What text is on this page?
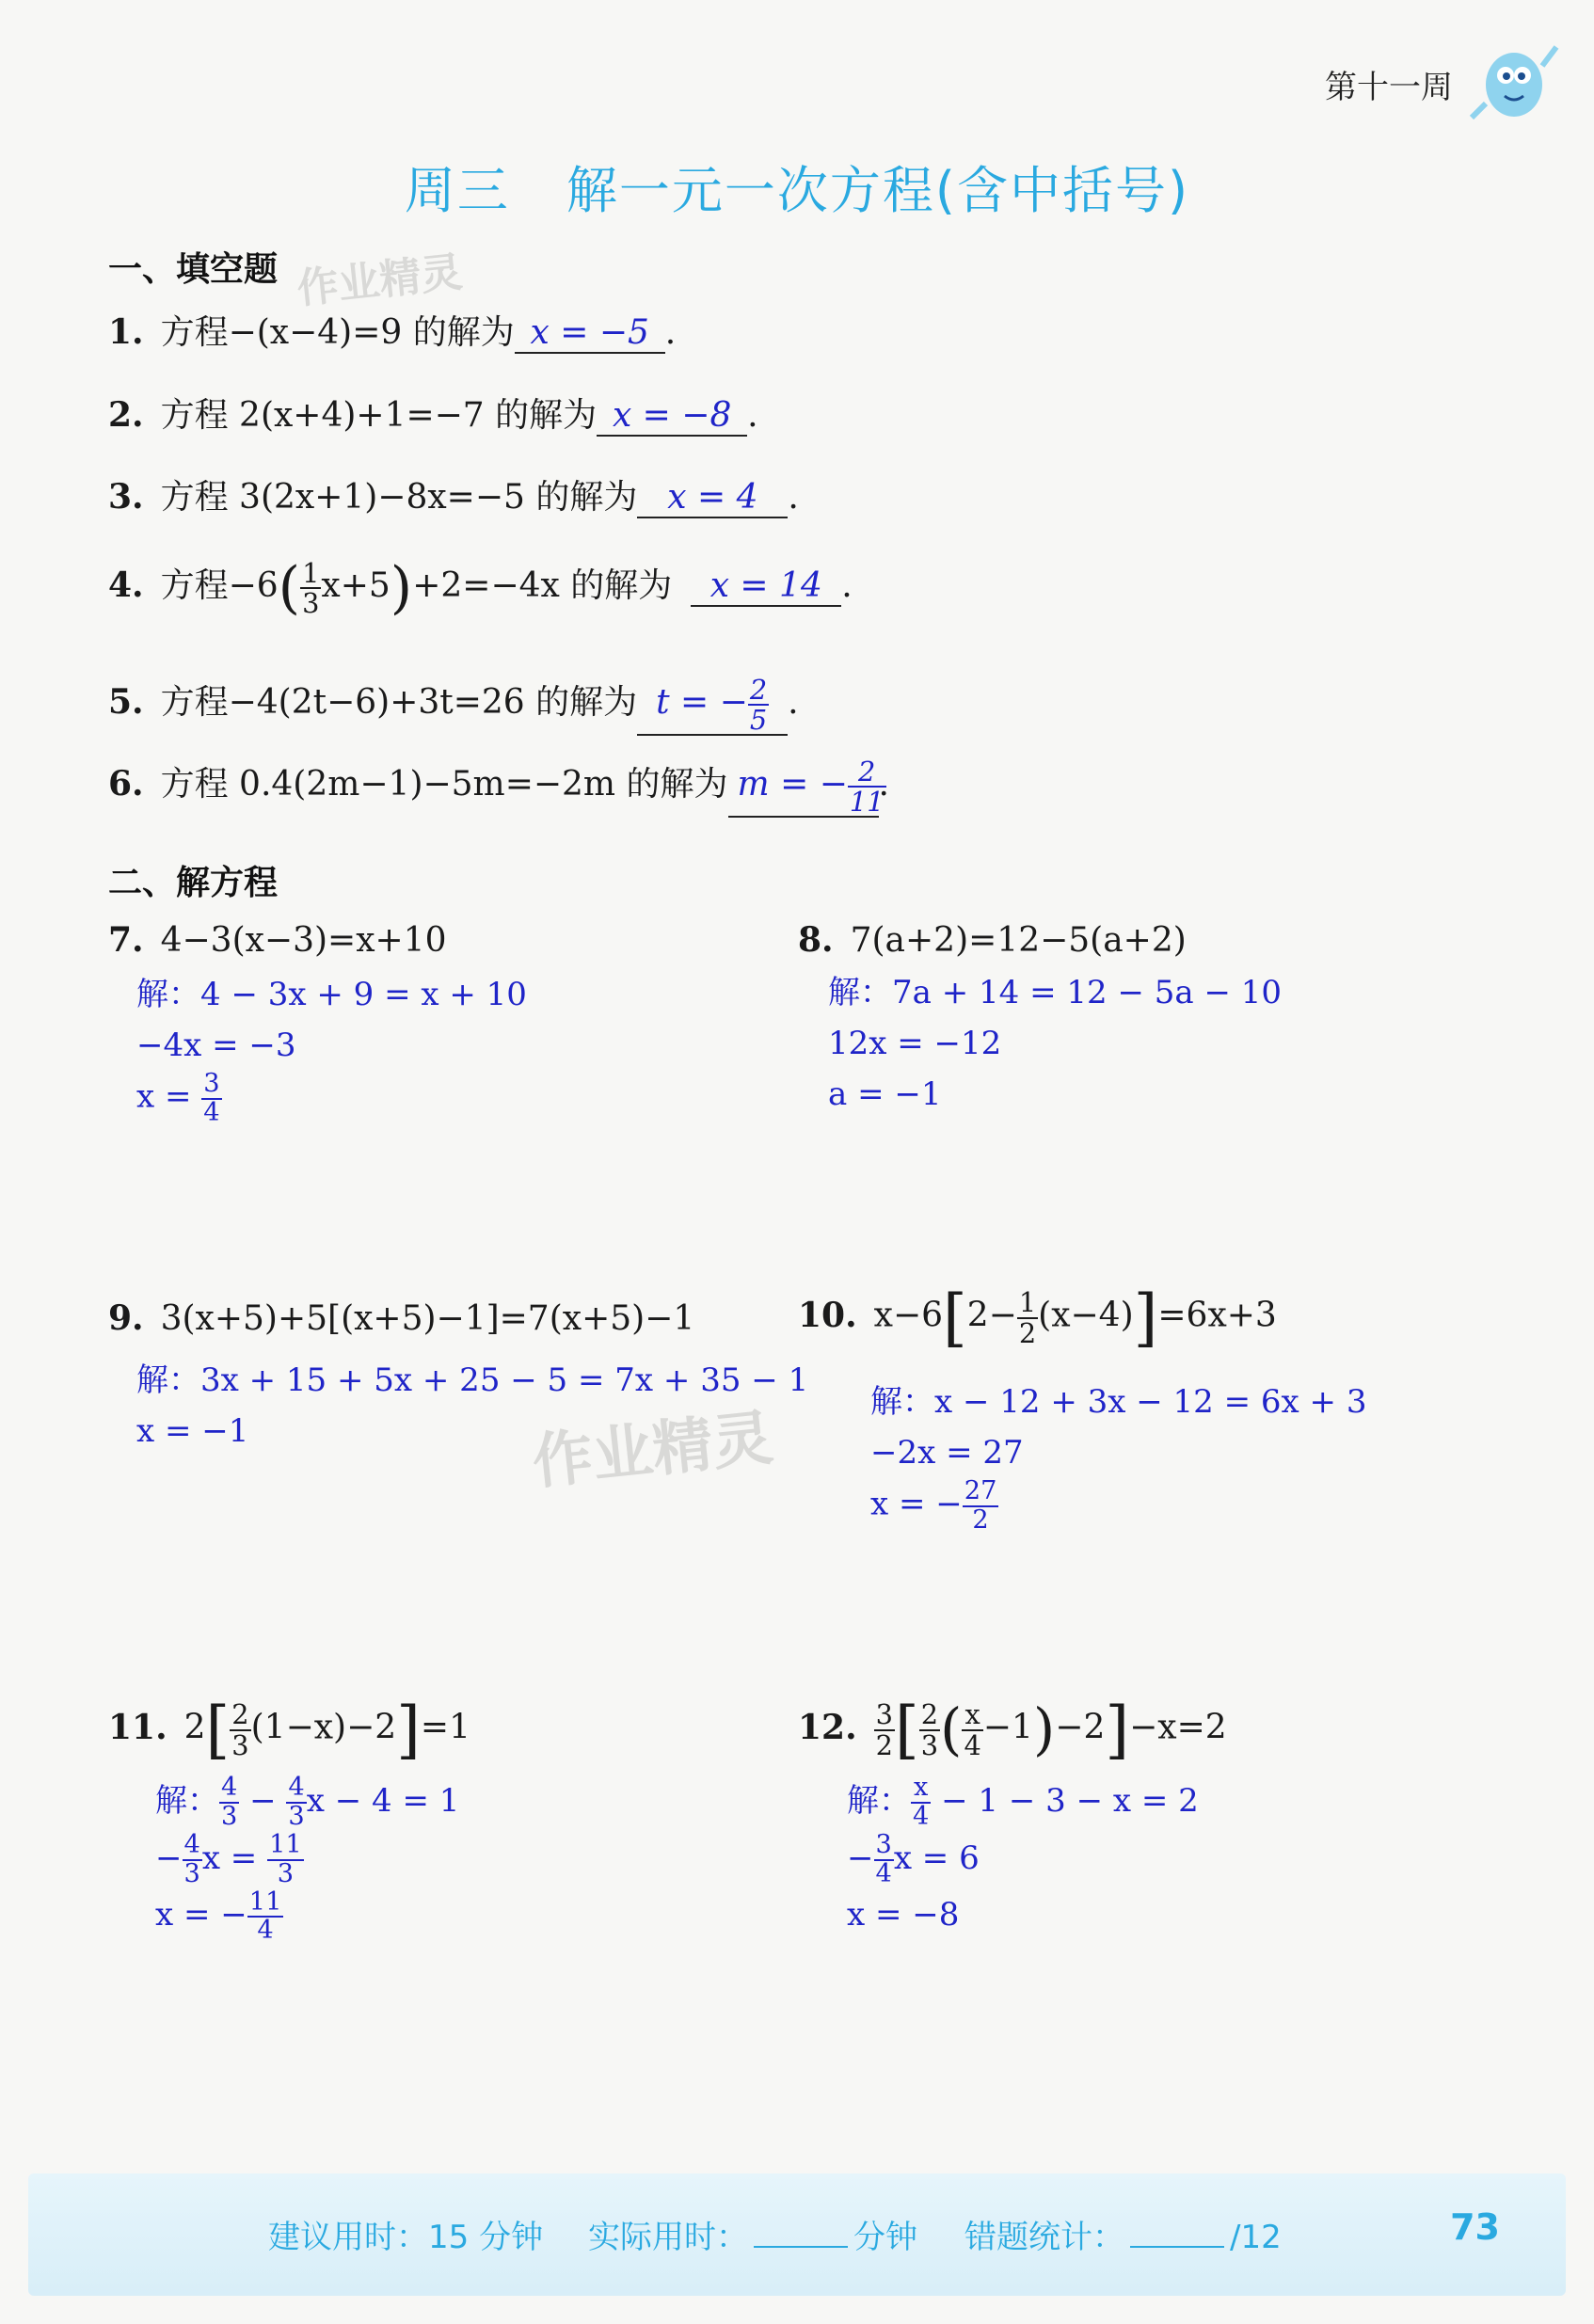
第十一周
周三 解一元一次方程(含中括号)
一、填空题 作业精灵
1. 方程−(x−4)=9 的解为 x = −5 .
2. 方程 2(x+4)+1=−7 的解为 x = −8 .
3. 方程 3(2x+1)−8x=−5 的解为 x = 4 .
4. 方程$-6( \frac{1}{3} x+5)+2=-4x$ 的解为 x = 14 .
5. 方程−4(2t−6)+3t=26 的解为 t = − $\frac{2}{5}$ .
6. 方程 0.4(2m−1)−5m=−2m 的解为 m = − $\frac{2}{11}$
.
二、解方程
7. 4−3(x−3)=x+10
解：4 − 3x + 9 = x + 10
−4x = −3
$x = \frac{3}{4}$
8. 7(a+2)=12−5(a+2)
解：7a + 14 = 12 − 5a − 10
12x = −12
a = −1
9. 3(x+5)+5[(x+5)−1]=7(x+5)−1
解：3x + 15 + 5x + 25 − 5 = 7x + 35 − 1
x = −1	作业精灵
10. $x-6[2- \frac{1}{2} (x-4)]=6x+3$
解：x − 12 + 3x − 12 = 6x + 3
−2x = 27
x = − $\frac{27}{2}$
11. $2[ \frac{2}{3} (1-x)-2]=1$
解： $\frac{4}{3} - \frac{4}{3}$ x − 4 = 1
− $\frac{4}{3}$ $x = \frac{11}{3}$
x = − $\frac{11}{4}$
12. $\frac{3}{2}$ [ $\frac{2}{3}$ ( $\frac{x}{4} -1)-2]-x=2$
解： $\frac{x}{4} - 1 - 3 - x = 2$
− $\frac{3}{4}$ x = 6
x = −8
建议用时：15 分钟 实际用时：	分钟 错题统计：	/12	73
